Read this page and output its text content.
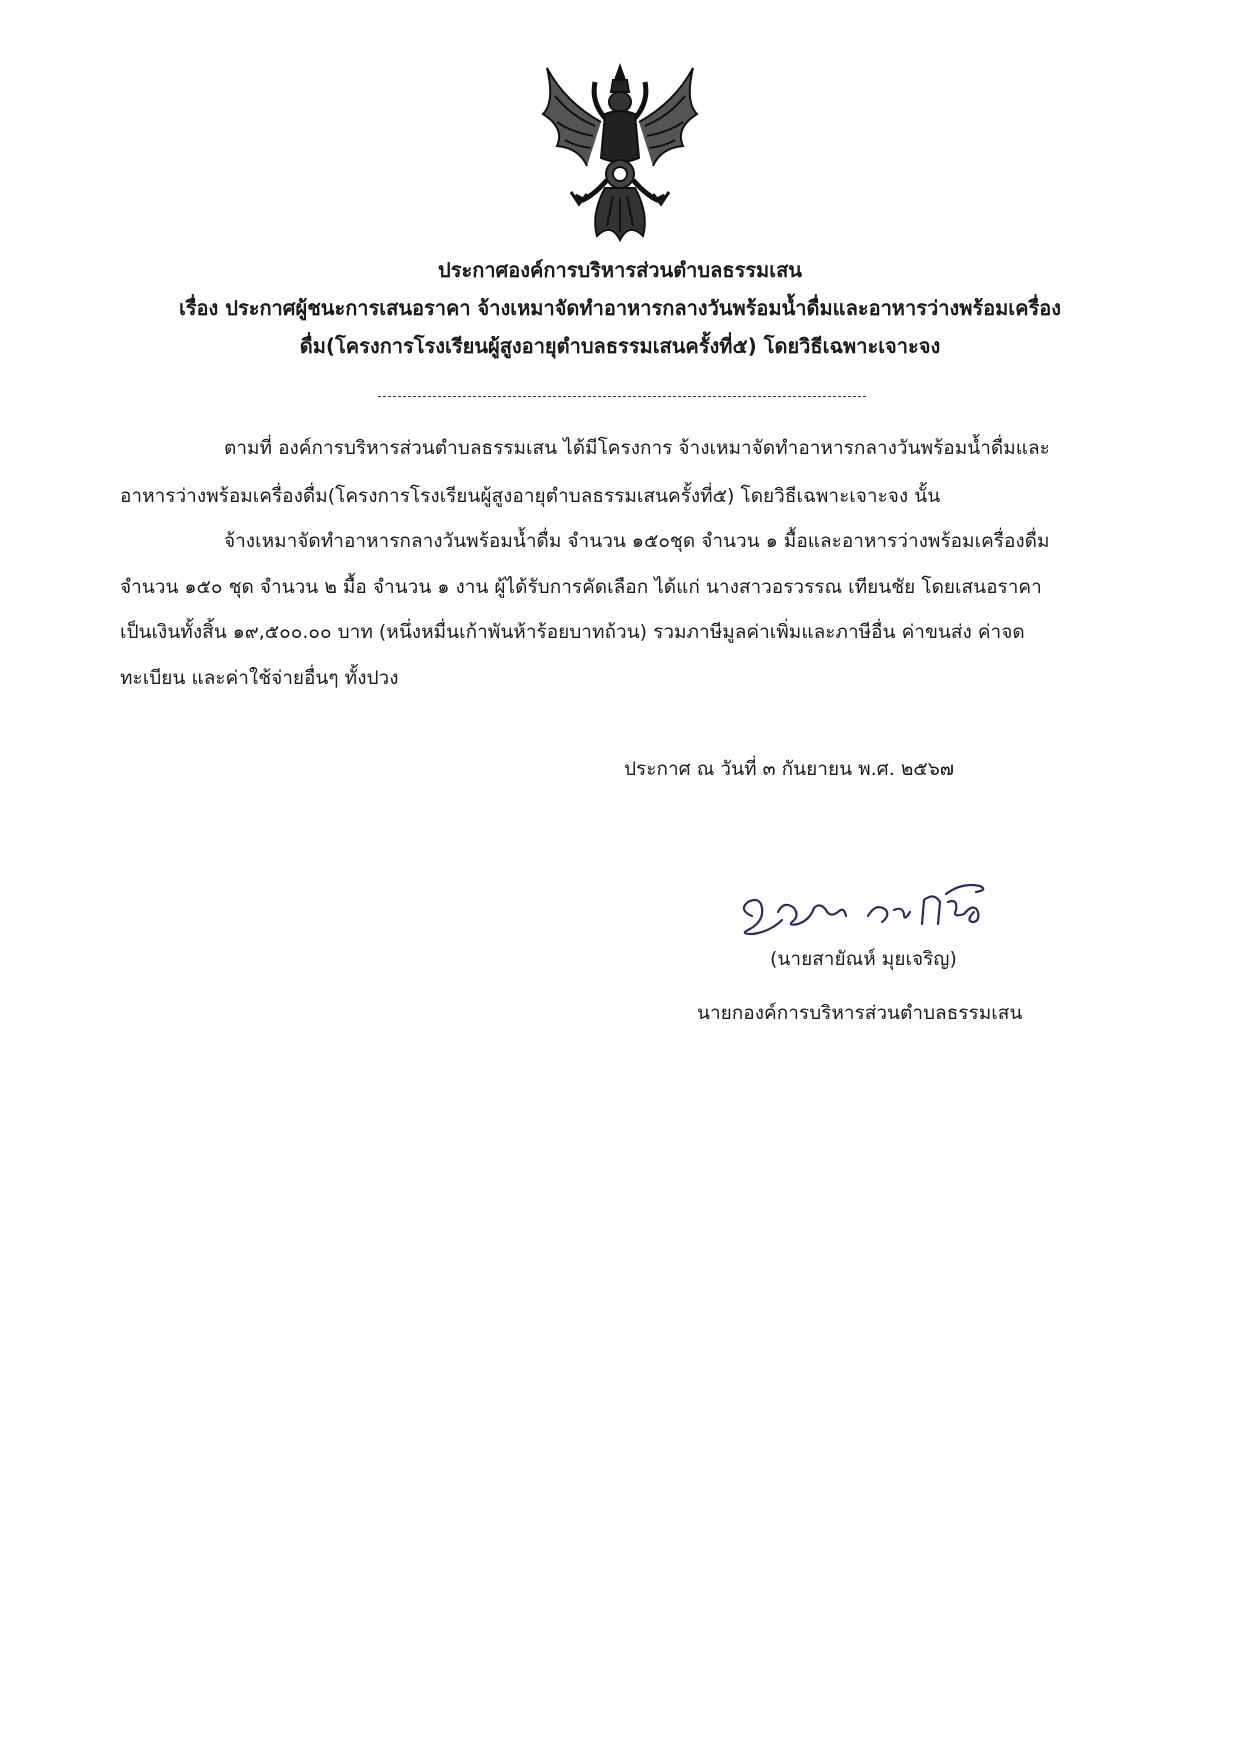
ประกาศองค์การบริหารส่วนตำบลธรรมเสน
เรื่อง ประกาศผู้ชนะการเสนอราคา จ้างเหมาจัดทำอาหารกลางวันพร้อมน้ำดื่มและอาหารว่างพร้อมเครื่อง
ดื่ม(โครงการโรงเรียนผู้สูงอายุตำบลธรรมเสนครั้งที่๕) โดยวิธีเฉพาะเจาะจง
ตามที่ องค์การบริหารส่วนตำบลธรรมเสน ได้มีโครงการ จ้างเหมาจัดทำอาหารกลางวันพร้อมน้ำดื่มและ
อาหารว่างพร้อมเครื่องดื่ม(โครงการโรงเรียนผู้สูงอายุตำบลธรรมเสนครั้งที่๕) โดยวิธีเฉพาะเจาะจง นั้น
จ้างเหมาจัดทำอาหารกลางวันพร้อมน้ำดื่ม จำนวน ๑๕๐ชุด จำนวน ๑ มื้อและอาหารว่างพร้อมเครื่องดื่ม
จำนวน ๑๕๐ ชุด จำนวน ๒ มื้อ จำนวน ๑ งาน ผู้ได้รับการคัดเลือก ได้แก่ นางสาวอรวรรณ เทียนชัย โดยเสนอราคา
เป็นเงินทั้งสิ้น ๑๙,๕๐๐.๐๐ บาท (หนึ่งหมื่นเก้าพันห้าร้อยบาทถ้วน) รวมภาษีมูลค่าเพิ่มและภาษีอื่น ค่าขนส่ง ค่าจด
ทะเบียน และค่าใช้จ่ายอื่นๆ ทั้งปวง
ประกาศ ณ วันที่ ๓ กันยายน พ.ศ. ๒๕๖๗
(นายสายัณห์ มุยเจริญ)
นายกองค์การบริหารส่วนตำบลธรรมเสน
